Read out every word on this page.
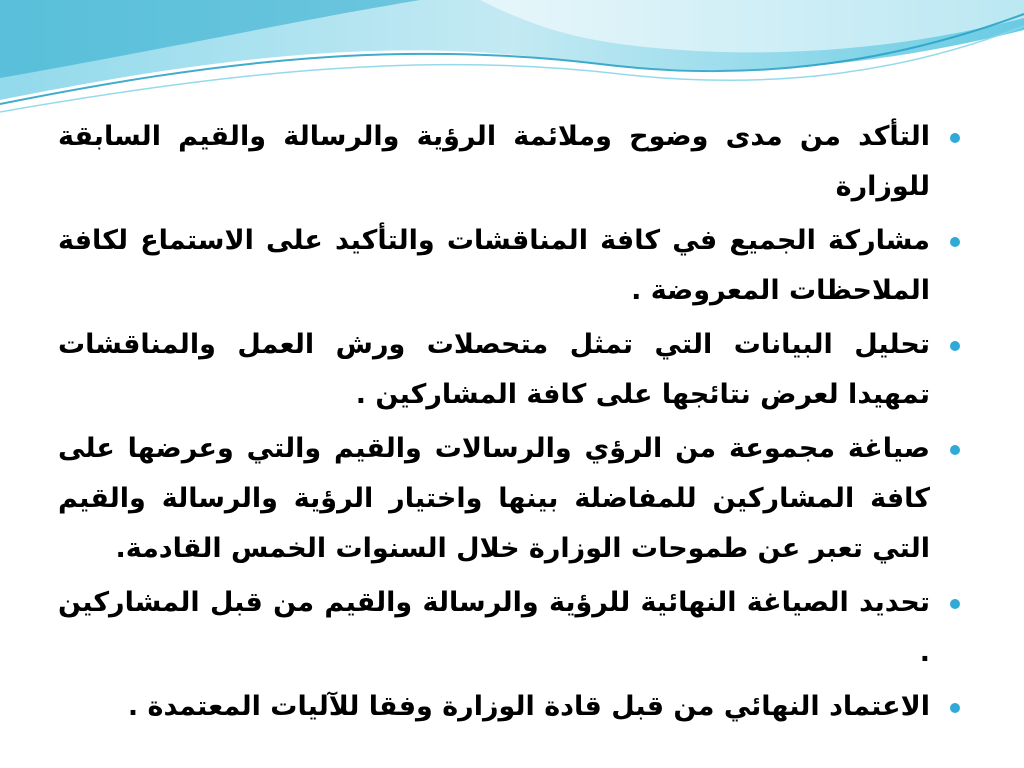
التأكد من مدى وضوح وملائمة الرؤية والرسالة والقيم السابقة للوزارة
مشاركة الجميع في كافة المناقشات والتأكيد على الاستماع لكافة الملاحظات المعروضة .
تحليل البيانات التي تمثل متحصلات ورش العمل والمناقشات تمهيدا لعرض نتائجها على كافة المشاركين .
صياغة مجموعة من الرؤي والرسالات والقيم والتي وعرضها على كافة المشاركين للمفاضلة بينها واختيار الرؤية والرسالة والقيم التي تعبر عن طموحات الوزارة خلال السنوات الخمس القادمة.
تحديد الصياغة النهائية للرؤية والرسالة والقيم من قبل المشاركين .
الاعتماد النهائي من قبل قادة الوزارة وفقا للآليات المعتمدة .
